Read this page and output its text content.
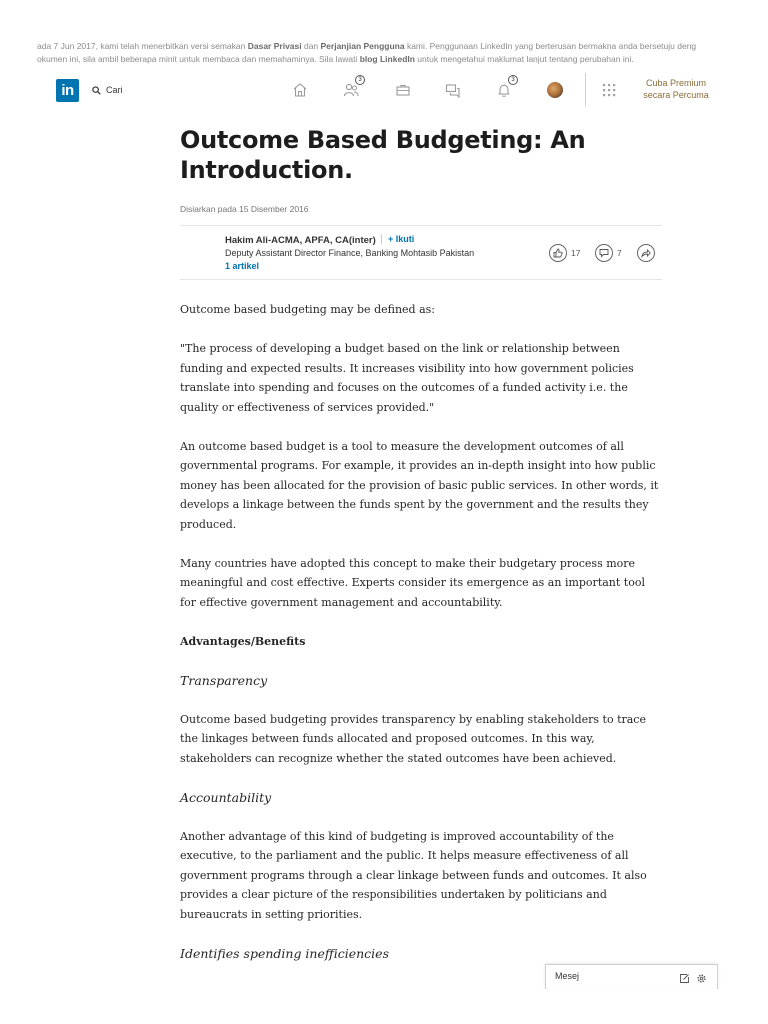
ada 7 Jun 2017, kami telah menerbitkan versi semakan Dasar Privasi dan Perjanjian Pengguna kami. Penggunaan LinkedIn yang berterusan bermakna anda bersetuju deng
okumen ini, sila ambil beberapa minit untuk membaca dan memahaminya. Sila lawati blog LinkedIn untuk mengetahui maklumat lanjut tentang perubahan ini.
in	Cari
3	3	Cuba Premium
secara Percuma
Outcome Based Budgeting: An Introduction.
Disiarkan pada 15 Disember 2016
Hakim Ali-ACMA, APFA, CA(inter)	+ Ikuti
Deputy Assistant Director Finance, Banking Mohtasib Pakistan
1 artikel
17	7

Outcome based budgeting may be defined as:

"The process of developing a budget based on the link or relationship between funding and expected results. It increases visibility into how government policies translate into spending and focuses on the outcomes of a funded activity i.e. the quality or effectiveness of services provided."

An outcome based budget is a tool to measure the development outcomes of all governmental programs. For example, it provides an in-depth insight into how public money has been allocated for the provision of basic public services. In other words, it develops a linkage between the funds spent by the government and the results they produced.

Many countries have adopted this concept to make their budgetary process more meaningful and cost effective. Experts consider its emergence as an important tool for effective government management and accountability.

Advantages/Benefits

Transparency

Outcome based budgeting provides transparency by enabling stakeholders to trace the linkages between funds allocated and proposed outcomes. In this way, stakeholders can recognize whether the stated outcomes have been achieved.

Accountability

Another advantage of this kind of budgeting is improved accountability of the executive, to the parliament and the public. It helps measure effectiveness of all government programs through a clear linkage between funds and outcomes. It also provides a clear picture of the responsibilities undertaken by politicians and bureaucrats in setting priorities.

Identifies spending inefficiencies

Mesej
